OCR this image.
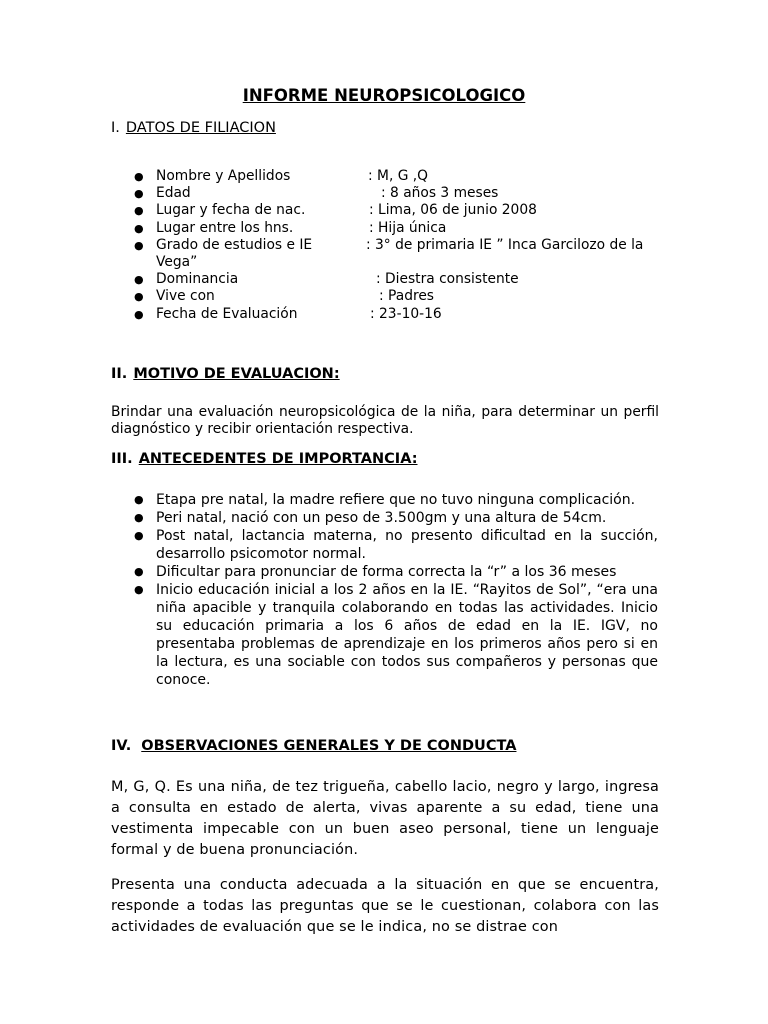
INFORME NEUROPSICOLOGICO
I. DATOS DE FILIACION
● Nombre y Apellidos	: M, G ,Q
● Edad	: 8 años 3 meses
● Lugar y fecha de nac.	: Lima, 06 de junio 2008
● Lugar entre los hns.	: Hija única
● Grado de estudios e IE	: 3° de primaria IE ” Inca Garcilozo de la
Vega”
● Dominancia	: Diestra consistente
● Vive con	: Padres
● Fecha de Evaluación	: 23-10-16
II. MOTIVO DE EVALUACION:
Brindar una evaluación neuropsicológica de la niña, para determinar un perfil diagnóstico y recibir orientación respectiva.
III. ANTECEDENTES DE IMPORTANCIA:
● Etapa pre natal, la madre refiere que no tuvo ninguna complicación.
● Peri natal, nació con un peso de 3.500gm y una altura de 54cm.
● Post natal, lactancia materna, no presento dificultad en la succión, desarrollo psicomotor normal.
● Dificultar para pronunciar de forma correcta la “r” a los 36 meses
● Inicio educación inicial a los 2 años en la IE. “Rayitos de Sol”, “era una niña apacible y tranquila colaborando en todas las actividades. Inicio su educación primaria a los 6 años de edad en la IE. IGV, no presentaba problemas de aprendizaje en los primeros años pero si en la lectura, es una sociable con todos sus compañeros y personas que conoce.
IV. OBSERVACIONES GENERALES Y DE CONDUCTA
M, G, Q. Es una niña, de tez trigueña, cabello lacio, negro y largo, ingresa a consulta en estado de alerta, vivas aparente a su edad, tiene una vestimenta impecable con un buen aseo personal, tiene un lenguaje formal y de buena pronunciación.
Presenta una conducta adecuada a la situación en que se encuentra, responde a todas las preguntas que se le cuestionan, colabora con las actividades de evaluación que se le indica, no se distrae con
